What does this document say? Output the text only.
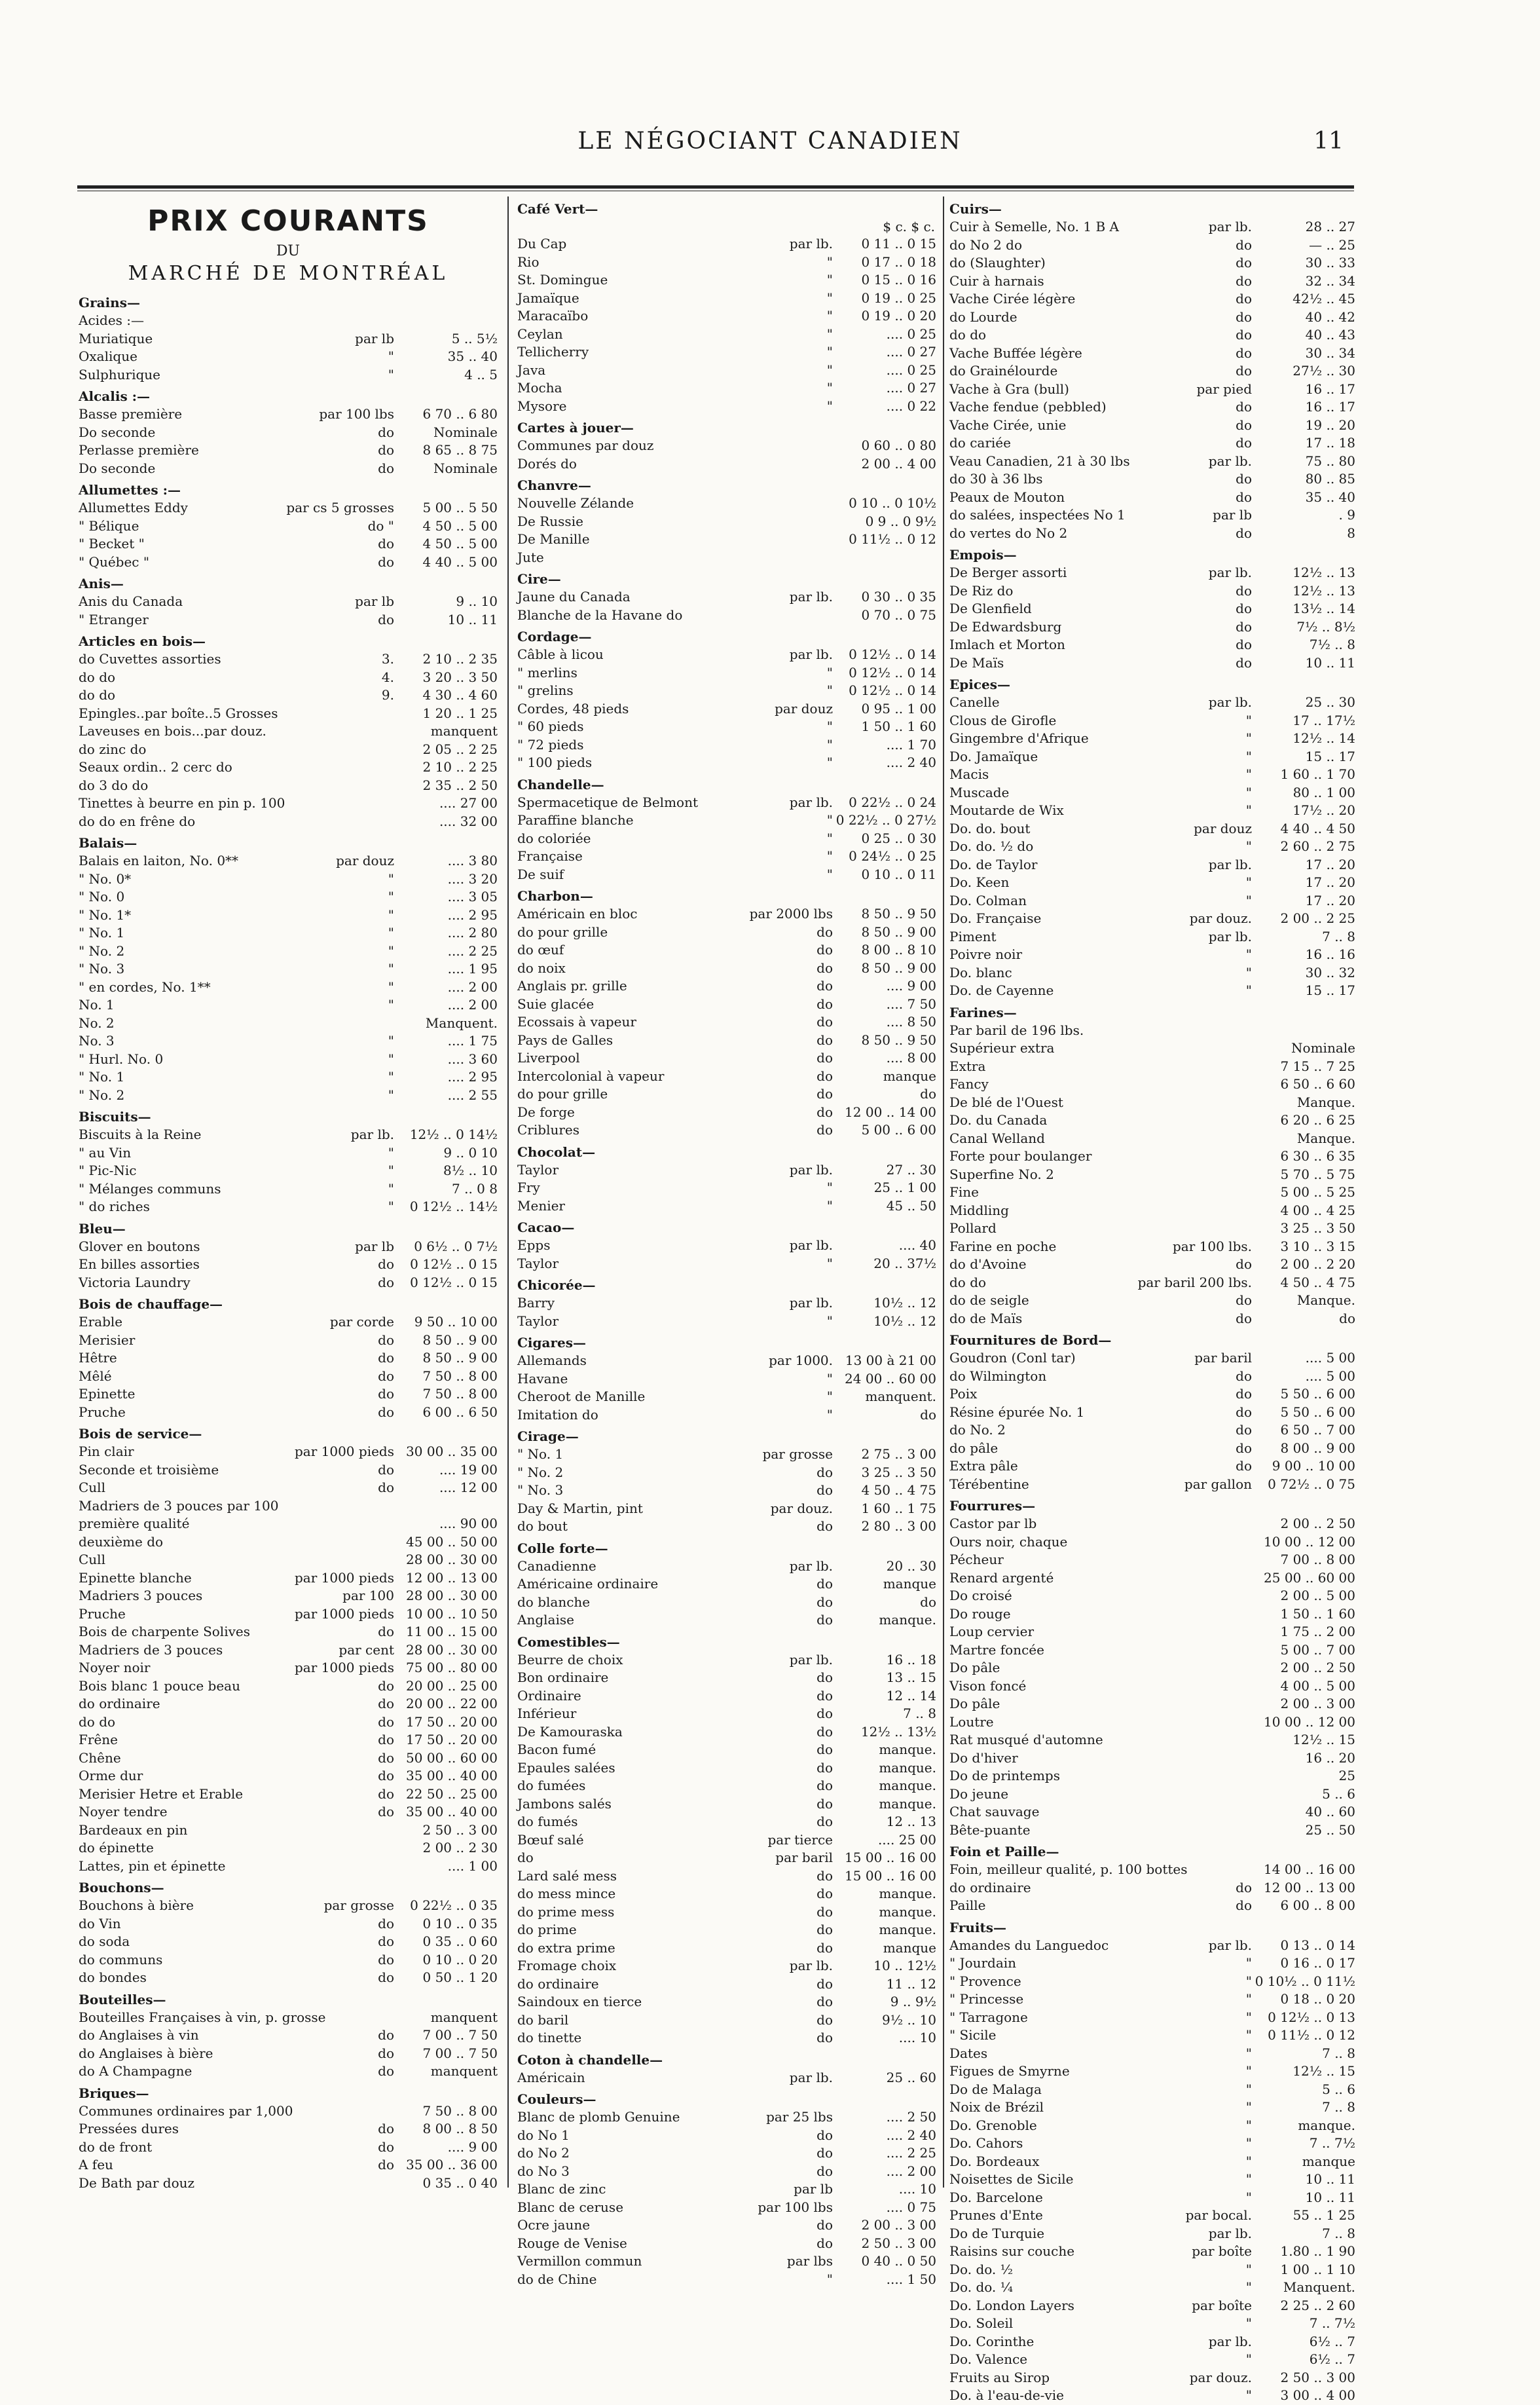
LE NÉGOCIANT CANADIEN	11
PRIX COURANTS
DU
MARCHÉ DE MONTRÉAL
Grains—
Acides :—
Muriatique	par lb	5 .. 5½
Oxalique	"	35 .. 40
Sulphurique	"	4 .. 5
Alcalis :—
Basse première	par 100 lbs	6 70 .. 6 80
Do seconde	do	Nominale
Perlasse première	do	8 65 .. 8 75
Do seconde	do	Nominale
Allumettes :—
Allumettes Eddy	par cs 5 grosses	5 00 .. 5 50
" Bélique	do "	4 50 .. 5 00
" Becket "	do	4 50 .. 5 00
" Québec "	do	4 40 .. 5 00
Anis—
Anis du Canada	par lb	9 .. 10
" Etranger	do	10 .. 11
Articles en bois—
do Cuvettes assorties	3.	2 10 .. 2 35
do do	4.	3 20 .. 3 50
do do	9.	4 30 .. 4 60
Epingles..par boîte..5 Grosses	1 20 .. 1 25
Laveuses en bois...par douz.	manquent
do zinc do	2 05 .. 2 25
Seaux ordin.. 2 cerc do	2 10 .. 2 25
do 3 do do	2 35 .. 2 50
Tinettes à beurre en pin p. 100	.... 27 00
do do en frêne do	.... 32 00
Balais—
Balais en laiton, No. 0**	par douz	.... 3 80
" No. 0*	"	.... 3 20
" No. 0	"	.... 3 05
" No. 1*	"	.... 2 95
" No. 1	"	.... 2 80
" No. 2	"	.... 2 25
" No. 3	"	.... 1 95
" en cordes, No. 1**	"	.... 2 00
No. 1	"	.... 2 00
No. 2	Manquent.
No. 3	"	.... 1 75
" Hurl. No. 0	"	.... 3 60
" No. 1	"	.... 2 95
" No. 2	"	.... 2 55
Biscuits—
Biscuits à la Reine	par lb.	12½ .. 0 14½
" au Vin	"	9 .. 0 10
" Pic-Nic	"	8½ .. 10
" Mélanges communs	"	7 .. 0 8
" do riches	"	0 12½ .. 14½
Bleu—
Glover en boutons	par lb	0 6½ .. 0 7½
En billes assorties	do	0 12½ .. 0 15
Victoria Laundry	do	0 12½ .. 0 15
Bois de chauffage—
Erable	par corde	9 50 .. 10 00
Merisier	do	8 50 .. 9 00
Hêtre	do	8 50 .. 9 00
Mêlé	do	7 50 .. 8 00
Epinette	do	7 50 .. 8 00
Pruche	do	6 00 .. 6 50
Bois de service—
Pin clair	par 1000 pieds 30 00 .. 35 00
Seconde et troisième	do	.... 19 00
Cull	do	.... 12 00
Madriers de 3 pouces par 100
première qualité	.... 90 00
deuxième do	45 00 .. 50 00
Cull	28 00 .. 30 00
Epinette blanche	par 1000 pieds 12 00 .. 13 00
Madriers 3 pouces	par 100 28 00 .. 30 00
Pruche	par 1000 pieds 10 00 .. 10 50
Bois de charpente Solives	do 11 00 .. 15 00
Madriers de 3 pouces	par cent 28 00 .. 30 00
Noyer noir	par 1000 pieds 75 00 .. 80 00
Bois blanc 1 pouce beau	do 20 00 .. 25 00
do ordinaire	do 20 00 .. 22 00
do do	do 17 50 .. 20 00
Frêne	do 17 50 .. 20 00
Chêne	do 50 00 .. 60 00
Orme dur	do 35 00 .. 40 00
Merisier Hetre et Erable	do 22 50 .. 25 00
Noyer tendre	do 35 00 .. 40 00
Bardeaux en pin	2 50 .. 3 00
do épinette	2 00 .. 2 30
Lattes, pin et épinette	.... 1 00
Bouchons—
Bouchons à bière	par grosse	0 22½ .. 0 35
do Vin	do	0 10 .. 0 35
do soda	do	0 35 .. 0 60
do communs	do	0 10 .. 0 20
do bondes	do	0 50 .. 1 20
Bouteilles—
Bouteilles Françaises à vin, p. grosse	manquent
do Anglaises à vin	do	7 00 .. 7 50
do Anglaises à bière	do	7 00 .. 7 50
do A Champagne	do	manquent
Briques—
Communes ordinaires par 1,000	7 50 .. 8 00
Pressées dures	do	8 00 .. 8 50
do de front	do	.... 9 00
A feu	do 35 00 .. 36 00
De Bath par douz	0 35 .. 0 40
Café Vert—
$ c. $ c.
Du Cap	par lb.	0 11 .. 0 15
Rio	"	0 17 .. 0 18
St. Domingue	"	0 15 .. 0 16
Jamaïque	"	0 19 .. 0 25
Maracaïbo	"	0 19 .. 0 20
Ceylan	"	.... 0 25
Tellicherry	"	.... 0 27
Java	"	.... 0 25
Mocha	"	.... 0 27
Mysore	"	.... 0 22
Cartes à jouer—
Communes par douz	0 60 .. 0 80
Dorés do	2 00 .. 4 00
Chanvre—
Nouvelle Zélande	0 10 .. 0 10½
De Russie	0 9 .. 0 9½
De Manille	0 11½ .. 0 12
Jute
Cire—
Jaune du Canada	par lb.	0 30 .. 0 35
Blanche de la Havane do	0 70 .. 0 75
Cordage—
Câble à licou	par lb.	0 12½ .. 0 14
" merlins	"	0 12½ .. 0 14
" grelins	"	0 12½ .. 0 14
Cordes, 48 pieds	par douz	0 95 .. 1 00
" 60 pieds	"	1 50 .. 1 60
" 72 pieds	"	.... 1 70
" 100 pieds	"	.... 2 40
Chandelle—
Spermacetique de Belmont	par lb.	0 22½ .. 0 24
Paraffine blanche	" 0 22½ .. 0 27½
do coloriée	"	0 25 .. 0 30
Française	"	0 24½ .. 0 25
De suif	"	0 10 .. 0 11
Charbon—
Américain en bloc	par 2000 lbs	8 50 .. 9 50
do pour grille	do	8 50 .. 9 00
do œuf	do	8 00 .. 8 10
do noix	do	8 50 .. 9 00
Anglais pr. grille	do	.... 9 00
Suie glacée	do	.... 7 50
Ecossais à vapeur	do	.... 8 50
Pays de Galles	do	8 50 .. 9 50
Liverpool	do	.... 8 00
Intercolonial à vapeur	do	manque
do pour grille	do	do
De forge	do 12 00 .. 14 00
Criblures	do	5 00 .. 6 00
Chocolat—
Taylor	par lb.	27 .. 30
Fry	"	25 .. 1 00
Menier	"	45 .. 50
Cacao—
Epps	par lb.	.... 40
Taylor	"	20 .. 37½
Chicorée—
Barry	par lb.	10½ .. 12
Taylor	"	10½ .. 12
Cigares—
Allemands	par 1000. 13 00 à 21 00
Havane	" 24 00 .. 60 00
Cheroot de Manille	"	manquent.
Imitation do	"	do
Cirage—
" No. 1	par grosse	2 75 .. 3 00
" No. 2	do	3 25 .. 3 50
" No. 3	do	4 50 .. 4 75
Day & Martin, pint	par douz.	1 60 .. 1 75
do bout	do	2 80 .. 3 00
Colle forte—
Canadienne	par lb.	20 .. 30
Américaine ordinaire	do	manque
do blanche	do	do
Anglaise	do	manque.
Comestibles—
Beurre de choix	par lb.	16 .. 18
Bon ordinaire	do	13 .. 15
Ordinaire	do	12 .. 14
Inférieur	do	7 .. 8
De Kamouraska	do	12½ .. 13½
Bacon fumé	do	manque.
Epaules salées	do	manque.
do fumées	do	manque.
Jambons salés	do	manque.
do fumés	do	12 .. 13
Bœuf salé	par tierce	.... 25 00
do	par baril 15 00 .. 16 00
Lard salé mess	do 15 00 .. 16 00
do mess mince	do	manque.
do prime mess	do	manque.
do prime	do	manque.
do extra prime	do	manque
Fromage choix	par lb.	10 .. 12½
do ordinaire	do	11 .. 12
Saindoux en tierce	do	9 .. 9½
do baril	do	9½ .. 10
do tinette	do	.... 10
Coton à chandelle—
Américain	par lb.	25 .. 60
Couleurs—
Blanc de plomb Genuine	par 25 lbs	.... 2 50
do No 1	do	.... 2 40
do No 2	do	.... 2 25
do No 3	do	.... 2 00
Blanc de zinc	par lb	.... 10
Blanc de ceruse	par 100 lbs	.... 0 75
Ocre jaune	do	2 00 .. 3 00
Rouge de Venise	do	2 50 .. 3 00
Vermillon commun	par lbs	0 40 .. 0 50
do de Chine	"	.... 1 50
Cuirs—
Cuir à Semelle, No. 1 B A	par lb.	28 .. 27
do No 2 do	do	— .. 25
do (Slaughter)	do	30 .. 33
Cuir à harnais	do	32 .. 34
Vache Cirée légère	do	42½ .. 45
do Lourde	do	40 .. 42
do do	do	40 .. 43
Vache Buffée légère	do	30 .. 34
do Grainélourde	do	27½ .. 30
Vache à Gra (bull)	par pied	16 .. 17
Vache fendue (pebbled)	do	16 .. 17
Vache Cirée, unie	do	19 .. 20
do cariée	do	17 .. 18
Veau Canadien, 21 à 30 lbs	par lb.	75 .. 80
do 30 à 36 lbs	do	80 .. 85
Peaux de Mouton	do	35 .. 40
do salées, inspectées No 1	par lb	. 9
do vertes do No 2	do	8
Empois—
De Berger assorti	par lb.	12½ .. 13
De Riz do	do	12½ .. 13
De Glenfield	do	13½ .. 14
De Edwardsburg	do	7½ .. 8½
Imlach et Morton	do	7½ .. 8
De Maïs	do	10 .. 11
Epices—
Canelle	par lb.	25 .. 30
Clous de Girofle	"	17 .. 17½
Gingembre d'Afrique	"	12½ .. 14
Do. Jamaïque	"	15 .. 17
Macis	"	1 60 .. 1 70
Muscade	"	80 .. 1 00
Moutarde de Wix	"	17½ .. 20
Do. do. bout	par douz	4 40 .. 4 50
Do. do. ½ do	"	2 60 .. 2 75
Do. de Taylor	par lb.	17 .. 20
Do. Keen	"	17 .. 20
Do. Colman	"	17 .. 20
Do. Française	par douz.	2 00 .. 2 25
Piment	par lb.	7 .. 8
Poivre noir	"	16 .. 16
Do. blanc	"	30 .. 32
Do. de Cayenne	"	15 .. 17
Farines—
Par baril de 196 lbs.
Supérieur extra	Nominale
Extra	7 15 .. 7 25
Fancy	6 50 .. 6 60
De blé de l'Ouest	Manque.
Do. du Canada	6 20 .. 6 25
Canal Welland	Manque.
Forte pour boulanger	6 30 .. 6 35
Superfine No. 2	5 70 .. 5 75
Fine	5 00 .. 5 25
Middling	4 00 .. 4 25
Pollard	3 25 .. 3 50
Farine en poche	par 100 lbs.	3 10 .. 3 15
do d'Avoine	do	2 00 .. 2 20
do do	par baril 200 lbs.	4 50 .. 4 75
do de seigle	do	Manque.
do de Maïs	do	do
Fournitures de Bord—
Goudron (Conl tar)	par baril	.... 5 00
do Wilmington	do	.... 5 00
Poix	do	5 50 .. 6 00
Résine épurée No. 1	do	5 50 .. 6 00
do No. 2	do	6 50 .. 7 00
do pâle	do	8 00 .. 9 00
Extra pâle	do	9 00 .. 10 00
Térébentine	par gallon	0 72½ .. 0 75
Fourrures—
Castor par lb	2 00 .. 2 50
Ours noir, chaque	10 00 .. 12 00
Pécheur	7 00 .. 8 00
Renard argenté	25 00 .. 60 00
Do croisé	2 00 .. 5 00
Do rouge	1 50 .. 1 60
Loup cervier	1 75 .. 2 00
Martre foncée	5 00 .. 7 00
Do pâle	2 00 .. 2 50
Vison foncé	4 00 .. 5 00
Do pâle	2 00 .. 3 00
Loutre	10 00 .. 12 00
Rat musqué d'automne	12½ .. 15
Do d'hiver	16 .. 20
Do de printemps	25
Do jeune	5 .. 6
Chat sauvage	40 .. 60
Bête-puante	25 .. 50
Foin et Paille—
Foin, meilleur qualité, p. 100 bottes	14 00 .. 16 00
do ordinaire	do 12 00 .. 13 00
Paille	do	6 00 .. 8 00
Fruits—
Amandes du Languedoc	par lb.	0 13 .. 0 14
" Jourdain	"	0 16 .. 0 17
" Provence	" 0 10½ .. 0 11½
" Princesse	"	0 18 .. 0 20
" Tarragone	"	0 12½ .. 0 13
" Sicile	"	0 11½ .. 0 12
Dates	"	7 .. 8
Figues de Smyrne	"	12½ .. 15
Do de Malaga	"	5 .. 6
Noix de Brézil	"	7 .. 8
Do. Grenoble	"	manque.
Do. Cahors	"	7 .. 7½
Do. Bordeaux	"	manque
Noisettes de Sicile	"	10 .. 11
Do. Barcelone	"	10 .. 11
Prunes d'Ente	par bocal.	55 .. 1 25
Do de Turquie	par lb.	7 .. 8
Raisins sur couche	par boîte	1.80 .. 1 90
Do. do. ½	"	1 00 .. 1 10
Do. do. ¼	"	Manquent.
Do. London Layers	par boîte	2 25 .. 2 60
Do. Soleil	"	7 .. 7½
Do. Corinthe	par lb.	6½ .. 7
Do. Valence	"	6½ .. 7
Fruits au Sirop	par douz.	2 50 .. 3 00
Do. à l'eau-de-vie	"	3 00 .. 4 00
